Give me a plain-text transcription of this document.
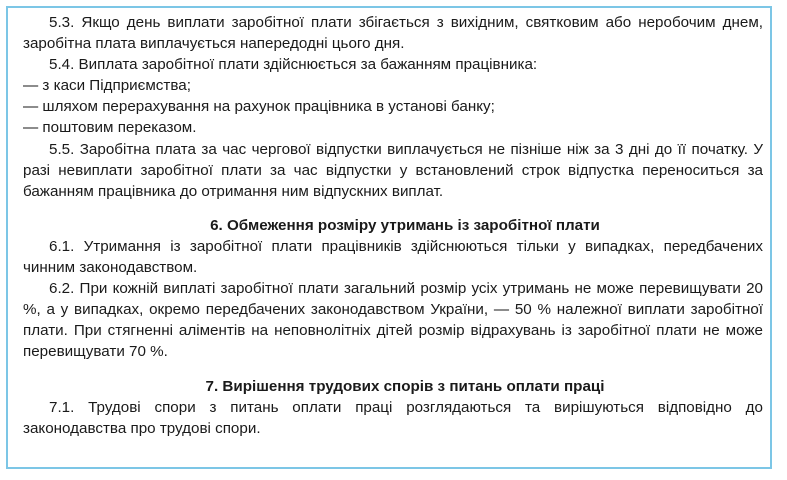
5.3. Якщо день виплати заробітної плати збігається з вихідним, святковим або неробочим днем, заробітна плата виплачується напередодні цього дня.

5.4. Виплата заробітної плати здійснюється за бажанням працівника:

— з каси Підприємства;

— шляхом перерахування на рахунок працівника в установі банку;

— поштовим переказом.

5.5. Заробітна плата за час чергової відпустки виплачується не пізніше ніж за 3 дні до її початку. У разі невиплати заробітної плати за час відпустки у встановлений строк відпустка переноситься за бажанням працівника до отримання ним відпускних виплат.

6. Обмеження розміру утримань із заробітної плати

6.1. Утримання із заробітної плати працівників здійснюються тільки у випадках, передбачених чинним законодавством.

6.2. При кожній виплаті заробітної плати загальний розмір усіх утримань не може перевищувати 20 %, а у випадках, окремо передбачених законодавством України, — 50 % належної виплати заробітної плати. При стягненні аліментів на неповнолітніх дітей розмір відрахувань із заробітної плати не може перевищувати 70 %.

7. Вирішення трудових спорів з питань оплати праці

7.1. Трудові спори з питань оплати праці розглядаються та вирішуються відповідно до законодавства про трудові спори.
